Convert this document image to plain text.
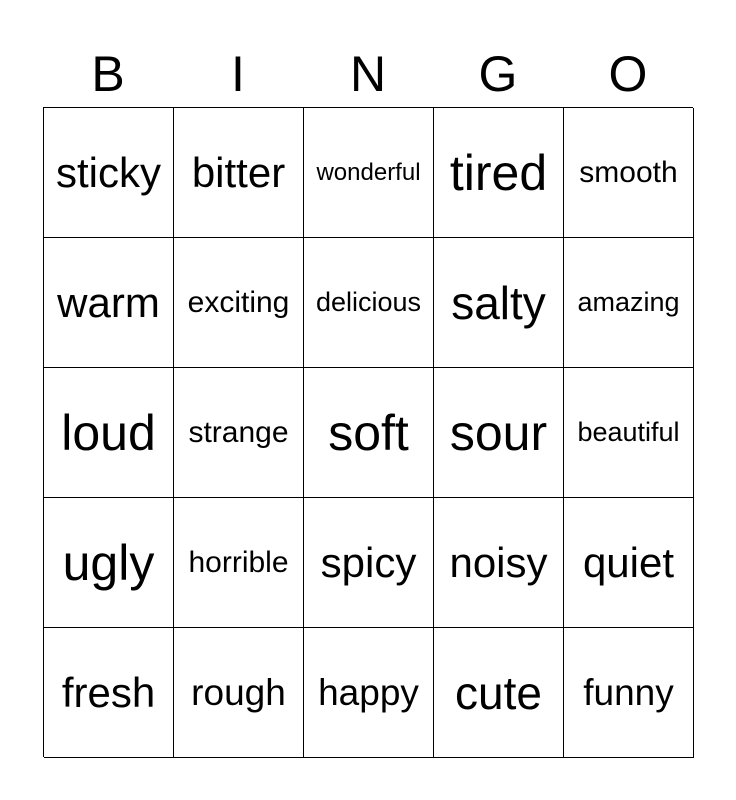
B	I	N	G	O
sticky bitter wonderful tired smooth
warm exciting delicious salty amazing
loud strange soft sour beautiful
ugly horrible spicy noisy quiet
fresh rough happy cute funny
